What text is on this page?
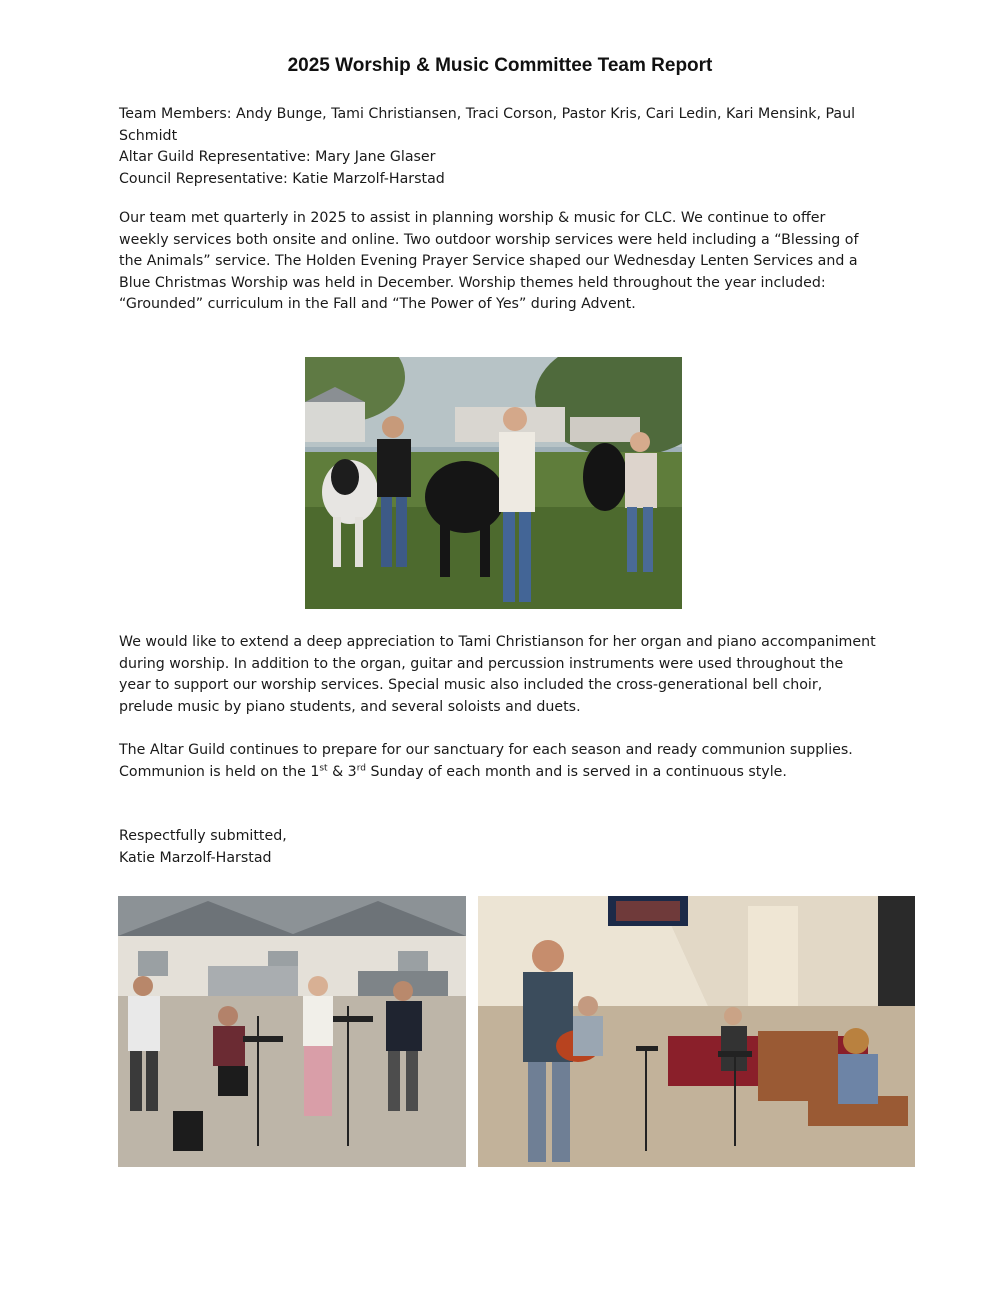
2025 Worship & Music Committee Team Report

Team Members: Andy Bunge, Tami Christiansen, Traci Corson, Pastor Kris, Cari Ledin, Kari Mensink, Paul Schmidt

Altar Guild Representative: Mary Jane Glaser

Council Representative: Katie Marzolf-Harstad

Our team met quarterly in 2025 to assist in planning worship & music for CLC. We continue to offer weekly services both onsite and online. Two outdoor worship services were held including a “Blessing of the Animals” service. The Holden Evening Prayer Service shaped our Wednesday Lenten Services and a Blue Christmas Worship was held in December. Worship themes held throughout the year included: “Grounded” curriculum in the Fall and “The Power of Yes” during Advent.

We would like to extend a deep appreciation to Tami Christianson for her organ and piano accompaniment during worship. In addition to the organ, guitar and percussion instruments were used throughout the year to support our worship services. Special music also included the cross-generational bell choir, prelude music by piano students, and several soloists and duets.

The Altar Guild continues to prepare for our sanctuary for each season and ready communion supplies. Communion is held on the 1st & 3rd Sunday of each month and is served in a continuous style.

Respectfully submitted,

Katie Marzolf-Harstad
